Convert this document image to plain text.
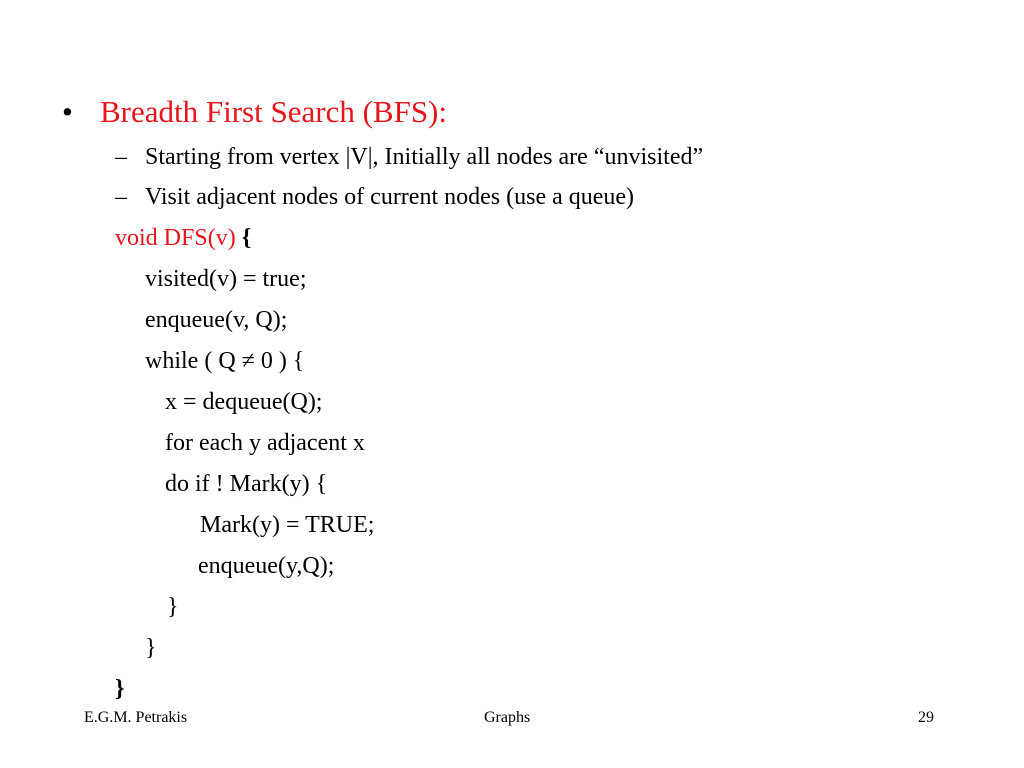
• Breadth First Search (BFS):
– Starting from vertex |V|, Initially all nodes are “unvisited”
– Visit adjacent nodes of current nodes (use a queue)
void DFS(v) {
visited(v) = true;
enqueue(v, Q);
while ( Q ≠ 0 ) {
x = dequeue(Q);
for each y adjacent x
do if ! Mark(y) {
Mark(y) = TRUE;
enqueue(y,Q);
}
}
}
E.G.M. Petrakis	Graphs	29
